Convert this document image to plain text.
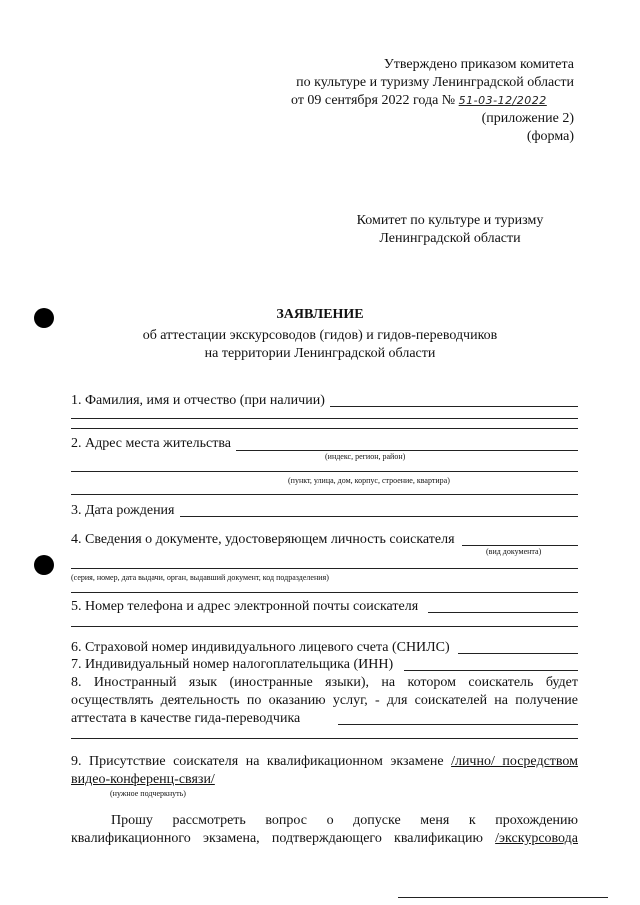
Утверждено приказом комитета
по культуре и туризму Ленинградской области
от 09 сентября 2022 года № 51-03-12/2022
(приложение 2)
(форма)
Комитет по культуре и туризму
Ленинградской области
ЗАЯВЛЕНИЕ
об аттестации экскурсоводов (гидов) и гидов-переводчиков
на территории Ленинградской области
1. Фамилия, имя и отчество (при наличии)
2. Адрес места жительства
(индекс, регион, район)
(пункт, улица, дом, корпус, строение, квартира)
3. Дата рождения
4. Сведения о документе, удостоверяющем личность соискателя
(вид документа)
(серия, номер, дата выдачи, орган, выдавший документ, код подразделения)
5. Номер телефона и адрес электронной почты соискателя
6. Страховой номер индивидуального лицевого счета (СНИЛС)
7. Индивидуальный номер налогоплательщика (ИНН)
8. Иностранный язык (иностранные языки), на котором соискатель будет
осуществлять деятельность по оказанию услуг, - для соискателей на получение
аттестата в качестве гида-переводчика
9. Присутствие соискателя на квалификационном экзамене /лично/ посредством
видео-конференц-связи/
(нужное подчеркнуть)
Прошу рассмотреть вопрос о допуске меня к прохождению
квалификационного экзамена, подтверждающего квалификацию /экскурсовода
